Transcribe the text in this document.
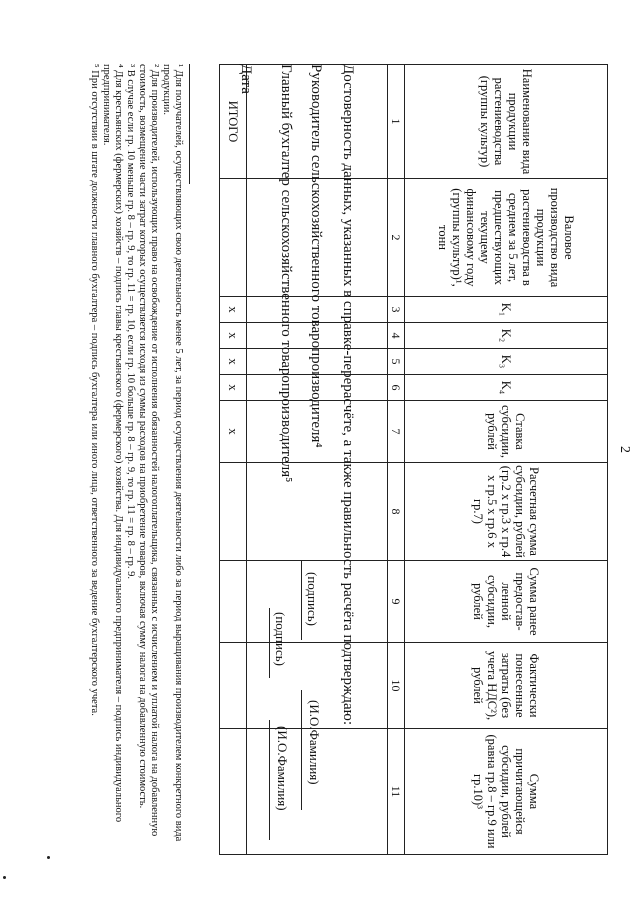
2
Наименование вида продукции растениеводства (группы культур)	Валовое производство вида продукции растениеводства в среднем за 5 лет, предшествующих текущему финансовому году (группы культур)¹, тонн	K₁	K₂	K₃	K₄	Ставка субсидии, рублей	Расчетная сумма субсидии, рублей (гр.2 x гр.3 x гр.4 x гр.5 x гр.6 x гр.7)	Сумма ранее предостав-ленной субсидии, рублей	Фактически понесенные затраты (без учета НДС²), рублей	Сумма причитающейся субсидии, рублей (равна гр.8 – гр.9 или гр.10)³
1	2	3	4	5	6	7	8	9	10	11

ИТОГО		x	x	x	x	x					Достоверность данных, указанных в справке-перерасчёте, а также правильность расчёта подтверждаю:
Руководитель сельскохозяйственного товаропроизводителя⁴
(подпись)
(И.О.Фамилия)
Главный бухгалтер сельскохозяйственного товаропроизводителя⁵
(подпись)
(И.О.Фамилия)
Дата
¹ Для получателей, осуществляющих свою деятельность менее 5 лет, за период осуществления деятельности либо за период выращивания производителем конкретного вида продукции.
² Для производителей, использующих право на освобождение от исполнения обязанностей налогоплательщика, связанных с исчислением и уплатой налога на добавленную стоимость, возмещение части затрат которых осуществляется исходя из суммы расходов на приобретение товаров, включая сумму налога на добавленную стоимость.
³ В случае если гр. 10 меньше гр. 8 – гр. 9, то гр. 11 = гр. 10, если гр. 10 больше гр. 8 – гр. 9, то гр. 11 = гр. 8 – гр. 9.
⁴ Для крестьянских (фермерских) хозяйств – подпись главы крестьянского (фермерского) хозяйства. Для индивидуального предпринимателя – подпись индивидуального предпринимателя.
⁵ При отсутствии в штате должности главного бухгалтера – подпись бухгалтера или иного лица, ответственного за ведение бухгалтерского учета.
